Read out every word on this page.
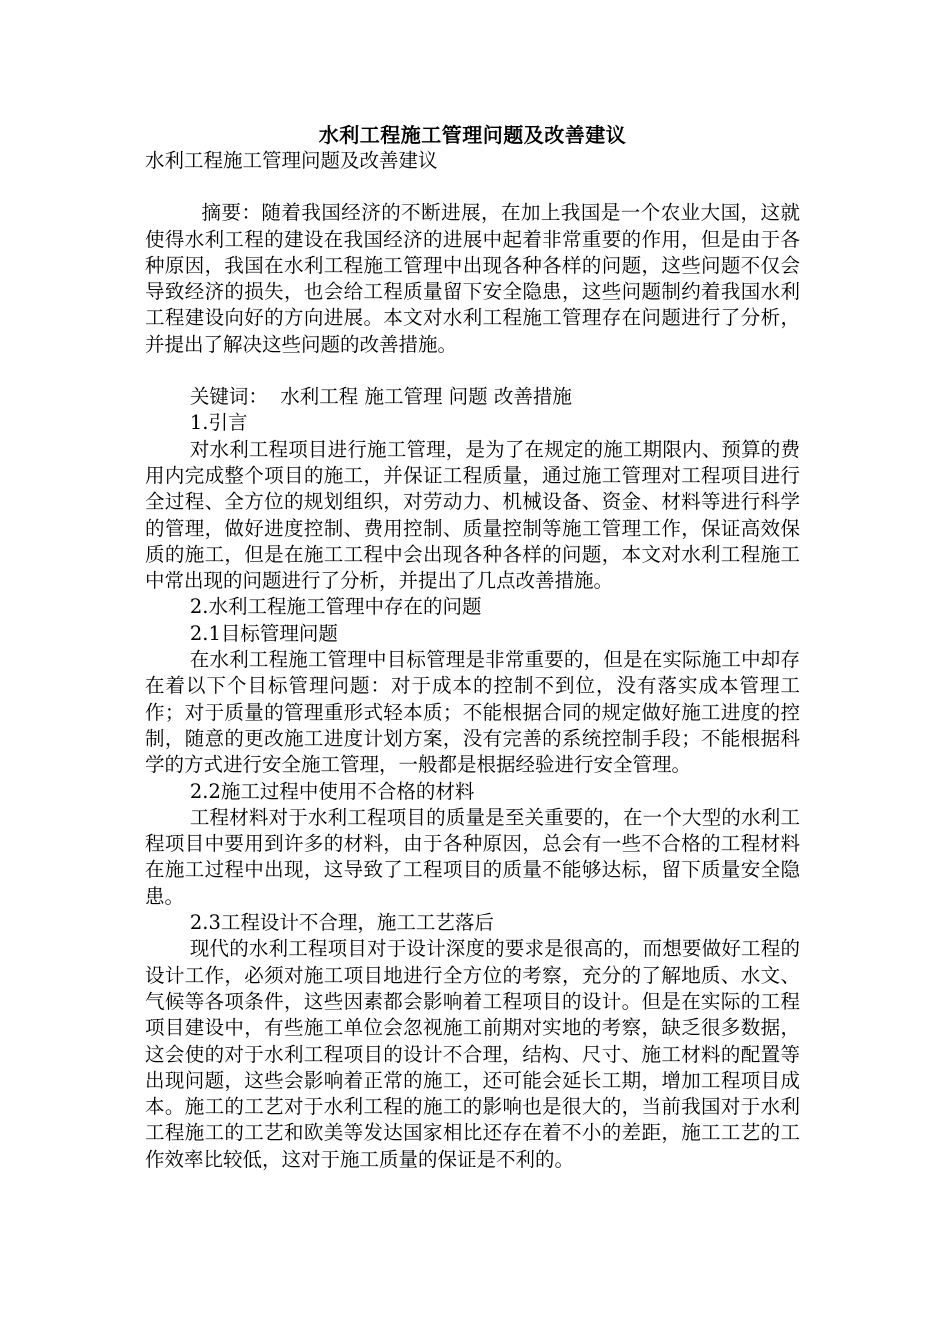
水利工程施工管理问题及改善建议

水利工程施工管理问题及改善建议

摘要：随着我国经济的不断进展，在加上我国是一个农业大国，这就使得水利工程的建设在我国经济的进展中起着非常重要的作用，但是由于各种原因，我国在水利工程施工管理中出现各种各样的问题，这些问题不仅会导致经济的损失，也会给工程质量留下安全隐患，这些问题制约着我国水利工程建设向好的方向进展。本文对水利工程施工管理存在问题进行了分析，并提出了解决这些问题的改善措施。

关键词：  水利工程 施工管理 问题 改善措施

1.引言

对水利工程项目进行施工管理，是为了在规定的施工期限内、预算的费用内完成整个项目的施工，并保证工程质量，通过施工管理对工程项目进行全过程、全方位的规划组织，对劳动力、机械设备、资金、材料等进行科学的管理，做好进度控制、费用控制、质量控制等施工管理工作，保证高效保质的施工，但是在施工工程中会出现各种各样的问题，本文对水利工程施工中常出现的问题进行了分析，并提出了几点改善措施。

2.水利工程施工管理中存在的问题

2.1目标管理问题

在水利工程施工管理中目标管理是非常重要的，但是在实际施工中却存在着以下个目标管理问题：对于成本的控制不到位，没有落实成本管理工作；对于质量的管理重形式轻本质；不能根据合同的规定做好施工进度的控制，随意的更改施工进度计划方案，没有完善的系统控制手段；不能根据科学的方式进行安全施工管理，一般都是根据经验进行安全管理。

2.2施工过程中使用不合格的材料

工程材料对于水利工程项目的质量是至关重要的，在一个大型的水利工程项目中要用到许多的材料，由于各种原因，总会有一些不合格的工程材料在施工过程中出现，这导致了工程项目的质量不能够达标，留下质量安全隐患。

2.3工程设计不合理，施工工艺落后

现代的水利工程项目对于设计深度的要求是很高的，而想要做好工程的设计工作，必须对施工项目地进行全方位的考察，充分的了解地质、水文、气候等各项条件，这些因素都会影响着工程项目的设计。但是在实际的工程项目建设中，有些施工单位会忽视施工前期对实地的考察，缺乏很多数据，这会使的对于水利工程项目的设计不合理，结构、尺寸、施工材料的配置等出现问题，这些会影响着正常的施工，还可能会延长工期，增加工程项目成本。施工的工艺对于水利工程的施工的影响也是很大的，当前我国对于水利工程施工的工艺和欧美等发达国家相比还存在着不小的差距，施工工艺的工作效率比较低，这对于施工质量的保证是不利的。
